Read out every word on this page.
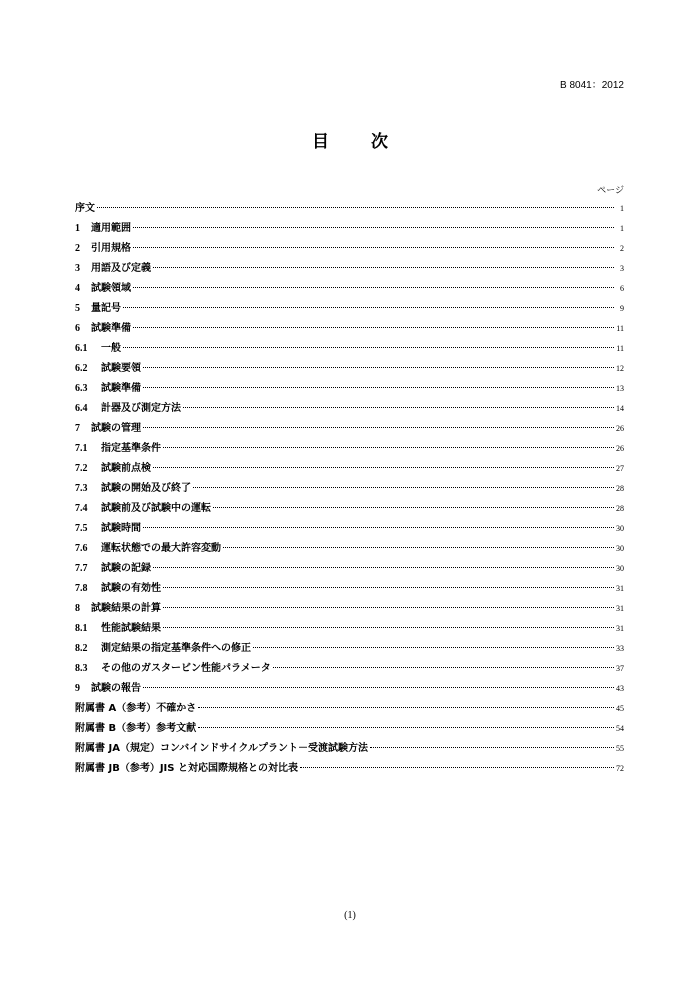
B 8041：2012
目 次
ページ
序文	1
1	適用範囲	1
2	引用規格	2
3	用語及び定義	3
4	試験領域	6
5	量記号	9
6	試験準備	11
6.1	一般	11
6.2	試験要領	12
6.3	試験準備	13
6.4	計器及び測定方法	14
7	試験の管理	26
7.1	指定基準条件	26
7.2	試験前点検	27
7.3	試験の開始及び終了	28
7.4	試験前及び試験中の運転	28
7.5	試験時間	30
7.6	運転状態での最大許容変動	30
7.7	試験の記録	30
7.8	試験の有効性	31
8	試験結果の計算	31
8.1	性能試験結果	31
8.2	測定結果の指定基準条件への修正	33
8.3	その他のガスタービン性能パラメータ	37
9	試験の報告	43
附属書 A（参考）不確かさ	45
附属書 B（参考）参考文献	54
附属書 JA（規定）コンバインドサイクルプラント－受渡試験方法	55
附属書 JB（参考）JIS と対応国際規格との対比表	72
(1)
